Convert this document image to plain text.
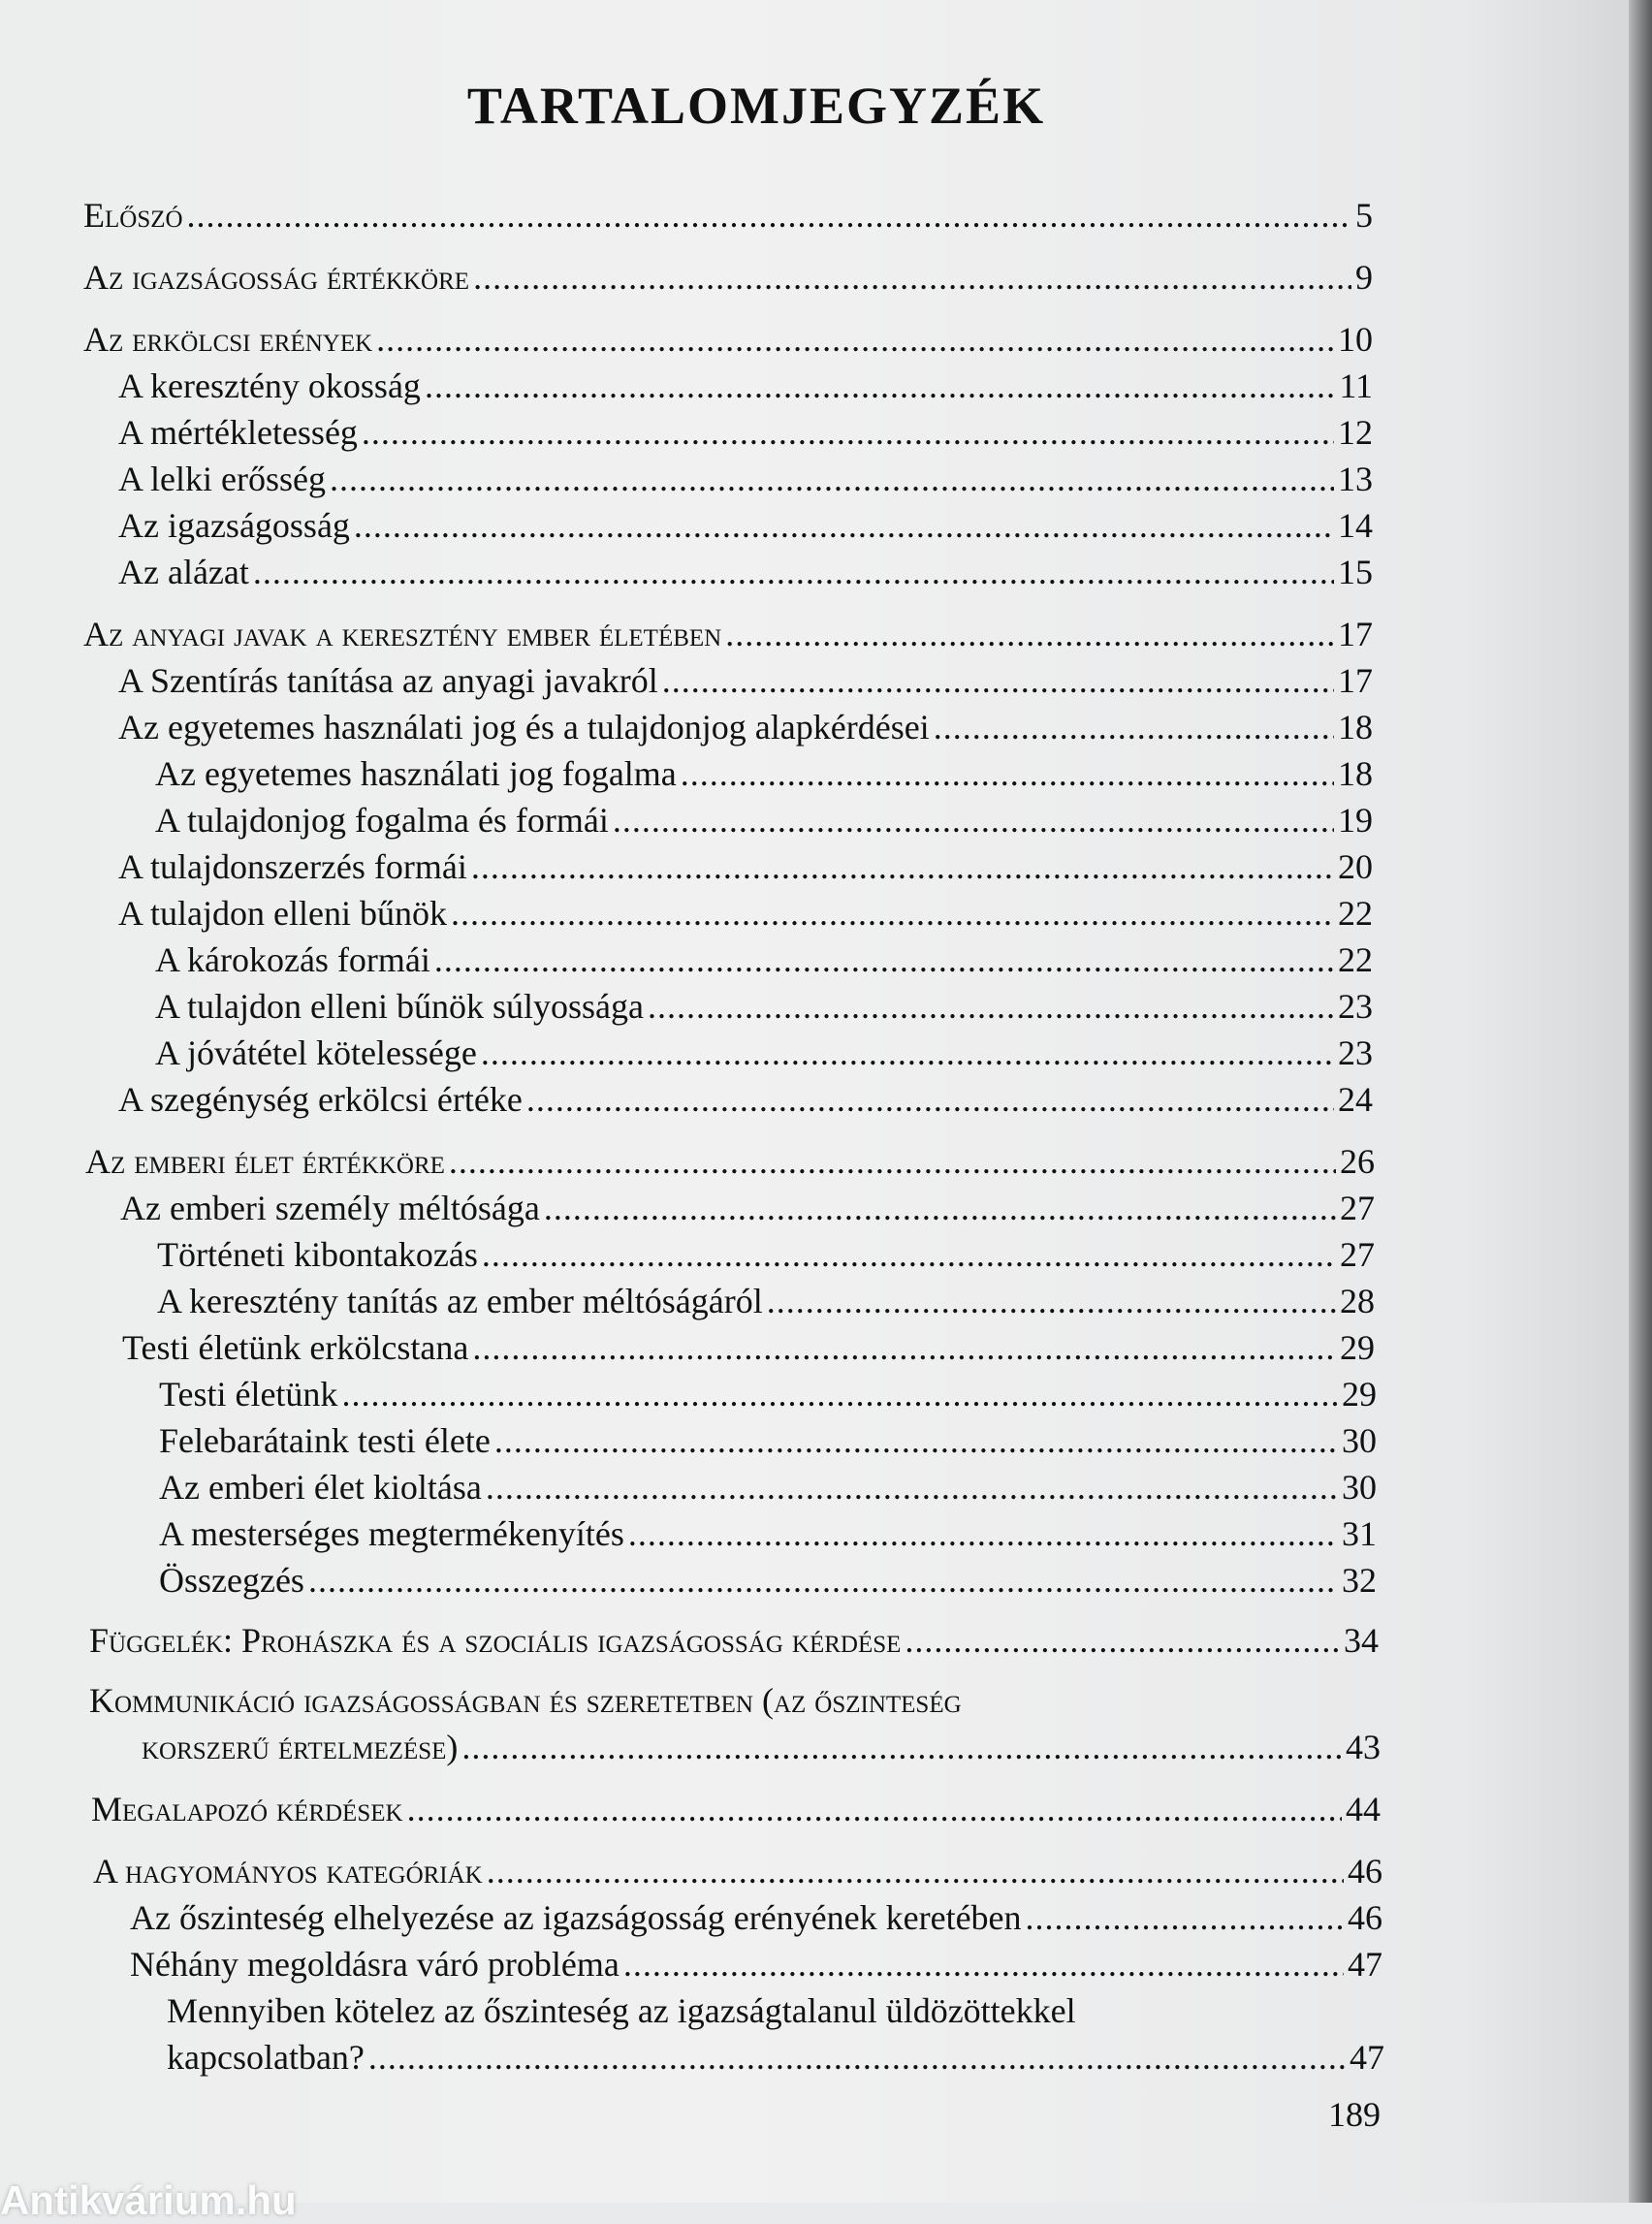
TARTALOMJEGYZÉK
Előszó .....	5
Az igazságosság értékköre .....	9
Az erkölcsi erények .....	10
A keresztény okosság .....	11
A mértékletesség .....	12
A lelki erősség .....	13
Az igazságosság .....	14
Az alázat .....	15
Az anyagi javak a keresztény ember életében .....	17
A Szentírás tanítása az anyagi javakról .....	17
Az egyetemes használati jog és a tulajdonjog alapkérdései .....	18
Az egyetemes használati jog fogalma .....	18
A tulajdonjog fogalma és formái .....	19
A tulajdonszerzés formái .....	20
A tulajdon elleni bűnök .....	22
A károkozás formái .....	22
A tulajdon elleni bűnök súlyossága .....	23
A jóvátétel kötelessége .....	23
A szegénység erkölcsi értéke .....	24
Az emberi élet értékköre .....	26
Az emberi személy méltósága .....	27
Történeti kibontakozás .....	27
A keresztény tanítás az ember méltóságáról .....	28
Testi életünk erkölcstana .....	29
Testi életünk .....	29
Felebarátaink testi élete .....	30
Az emberi élet kioltása .....	30
A mesterséges megtermékenyítés .....	31
Összegzés .....	32
Függelék: Prohászka és a szociális igazságosság kérdése .....	34
Kommunikáció igazságosságban és szeretetben (az őszinteség
korszerű értelmezése) .....	43
Megalapozó kérdések .....	44
A hagyományos kategóriák .....	46
Az őszinteség elhelyezése az igazságosság erényének keretében .....	46
Néhány megoldásra váró probléma .....	47
Mennyiben kötelez az őszinteség az igazságtalanul üldözöttekkel
kapcsolatban? .....	47
189
Antikvárium.hu
